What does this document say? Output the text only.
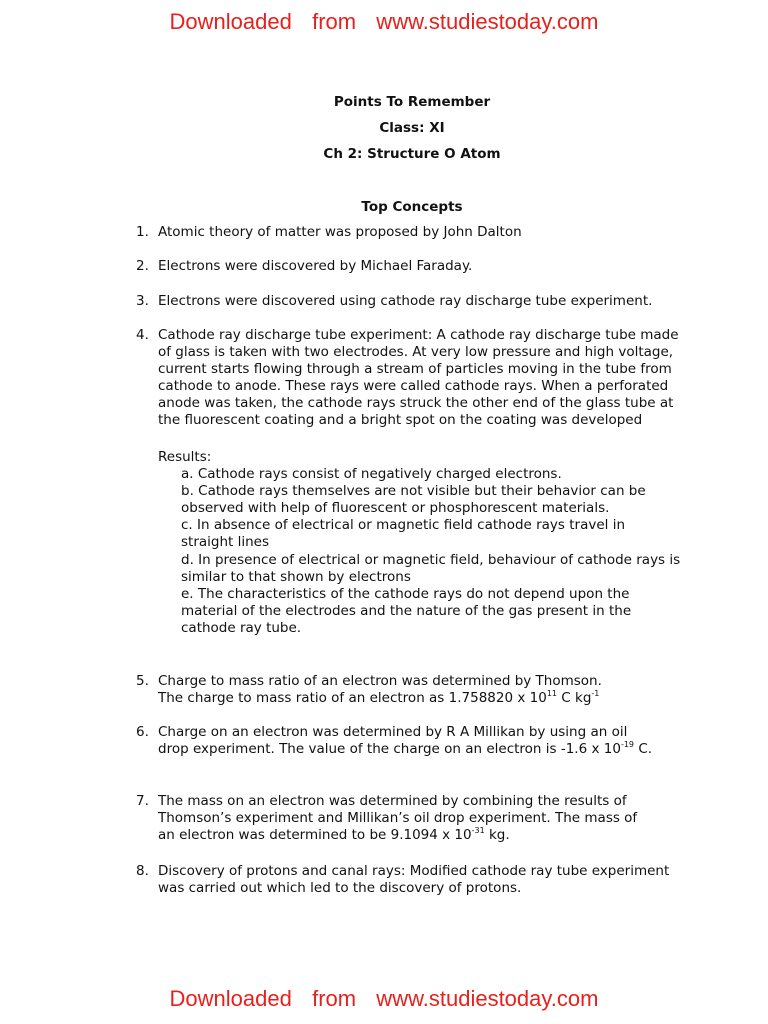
Downloaded  from  www.studiestoday.com
Points To Remember
Class: XI
Ch 2: Structure O Atom
Top Concepts
1. Atomic theory of matter was proposed by John Dalton
2. Electrons were discovered by Michael Faraday.
3. Electrons were discovered using cathode ray discharge tube experiment.
4. Cathode ray discharge tube experiment: A cathode ray discharge tube made of glass is taken with two electrodes. At very low pressure and high voltage, current starts flowing through a stream of particles moving in the tube from cathode to anode. These rays were called cathode rays. When a perforated anode was taken, the cathode rays struck the other end of the glass tube at the fluorescent coating and a bright spot on the coating was developed
Results:
a. Cathode rays consist of negatively charged electrons.
b. Cathode rays themselves are not visible but their behavior can be observed with help of fluorescent or phosphorescent materials.
c. In absence of electrical or magnetic field cathode rays travel in straight lines
d. In presence of electrical or magnetic field, behaviour of cathode rays is similar to that shown by electrons
e. The characteristics of the cathode rays do not depend upon the material of the electrodes and the nature of the gas present in the cathode ray tube.
5. Charge to mass ratio of an electron was determined by Thomson. The charge to mass ratio of an electron as 1.758820 x $10^{11}$ C $kg^{-1}$
6. Charge on an electron was determined by R A Millikan by using an oil drop experiment. The value of the charge on an electron is -1.6 x $10^{-19}$ C.
7. The mass on an electron was determined by combining the results of Thomson’s experiment and Millikan’s oil drop experiment. The mass of an electron was determined to be 9.1094 x $10^{-31}$ kg.
8. Discovery of protons and canal rays: Modified cathode ray tube experiment was carried out which led to the discovery of protons.
Downloaded  from  www.studiestoday.com
